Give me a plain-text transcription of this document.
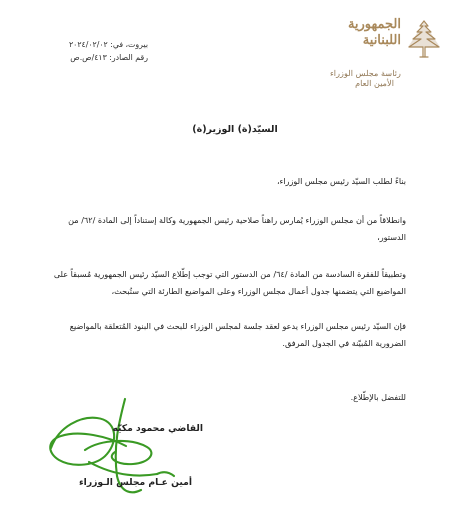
الجمهورية
اللبنانية
رئاسة مجلس الوزراء
الأمين العام
بيروت، في: ٢٠٢٤/٠٢/٠٢
رقم الصادر: ٤١٣/ص.ص
السيّد(ة) الوزير(ة)
بناءً لطلب السيّد رئيس مجلس الوزراء،
وانطلاقاً من أن مجلس الوزراء يُمارس راهناً صلاحية رئيس الجمهورية وكالة إستناداً إلى المادة /٦٢/ من الدستور،
وتطبيقاً للفقرة السادسة من المادة /٦٤/ من الدستور التي توجب إطّلاع السيّد رئيس الجمهورية مُسبقاً على المواضيع التي يتضمنها جدول أعمال مجلس الوزراء وعلى المواضيع الطارئة التي ستُبحث،
فإن السيّد رئيس مجلس الوزراء يدعو لعقد جلسة لمجلس الوزراء للبحث في البنود المُتعلقة بالمواضيع الضرورية المُبيّنة في الجدول المرفق.
للتفضل بالإطّلاع.
القاضي محمود مكيّه
أمين عـام مجلس الـوزراء
